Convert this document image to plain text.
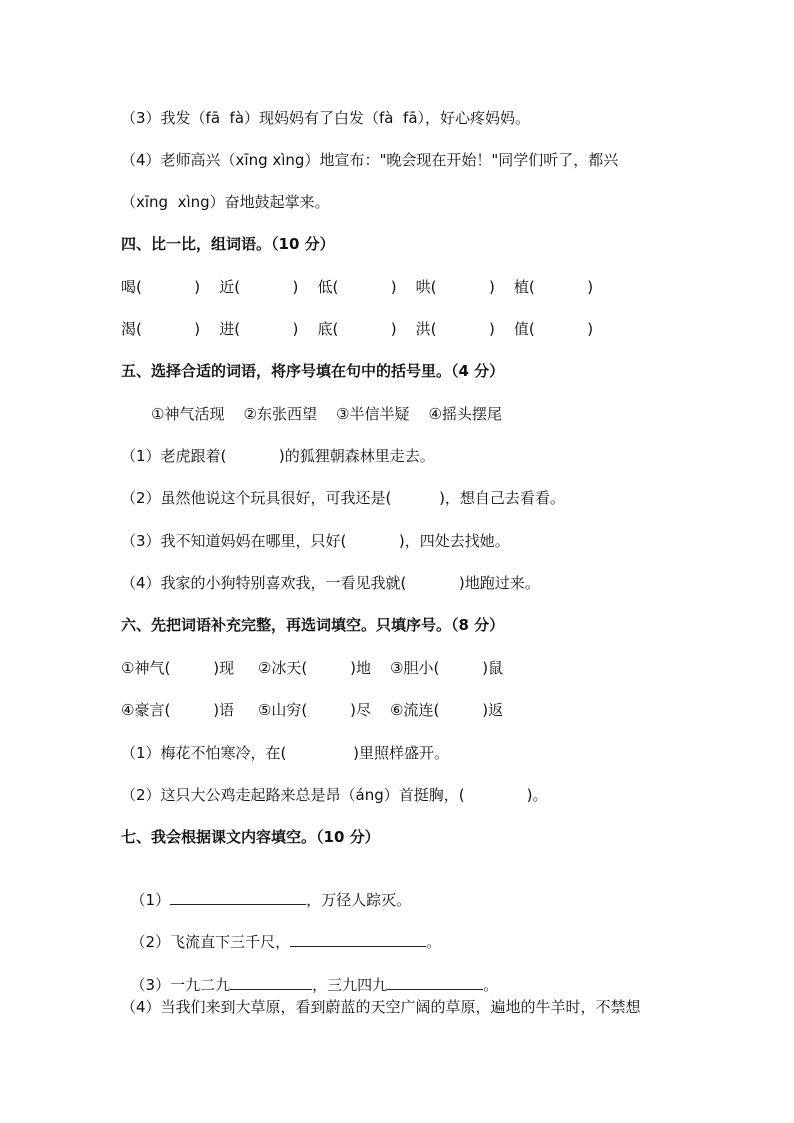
（3）我发（fā  fà）现妈妈有了白发（fà  fā），好心疼妈妈。
（4）老师高兴（xīng xìng）地宣布："晚会现在开始！"同学们听了，都兴
（xīng  xìng）奋地鼓起掌来。
四、比一比，组词语。（10 分）
喝(           )    近(           )    低(           )    哄(           )    植(           )
渴(           )    进(           )    底(           )    洪(           )    值(           )
五、选择合适的词语，将序号填在句中的括号里。（4 分）
①神气活现    ②东张西望    ③半信半疑    ④摇头摆尾
（1）老虎跟着(           )的狐狸朝森林里走去。
（2）虽然他说这个玩具很好，可我还是(          )，想自己去看看。
（3）我不知道妈妈在哪里，只好(           )，四处去找她。
（4）我家的小狗特别喜欢我，一看见我就(           )地跑过来。
六、先把词语补充完整，再选词填空。只填序号。（8 分）
①神气(         )现     ②冰天(         )地    ③胆小(         )鼠
④豪言(         )语     ⑤山穷(         )尽    ⑥流连(         )返
（1）梅花不怕寒冷，在(              )里照样盛开。
（2）这只大公鸡走起路来总是昂（áng）首挺胸，(             )。
七、我会根据课文内容填空。（10 分）

（1）	，万径人踪灭。

（2）飞流直下三千尺，	。

（3）一九二九	，三九四九	。

（4）当我们来到大草原，看到蔚蓝的天空广阔的草原，遍地的牛羊时，不禁想
